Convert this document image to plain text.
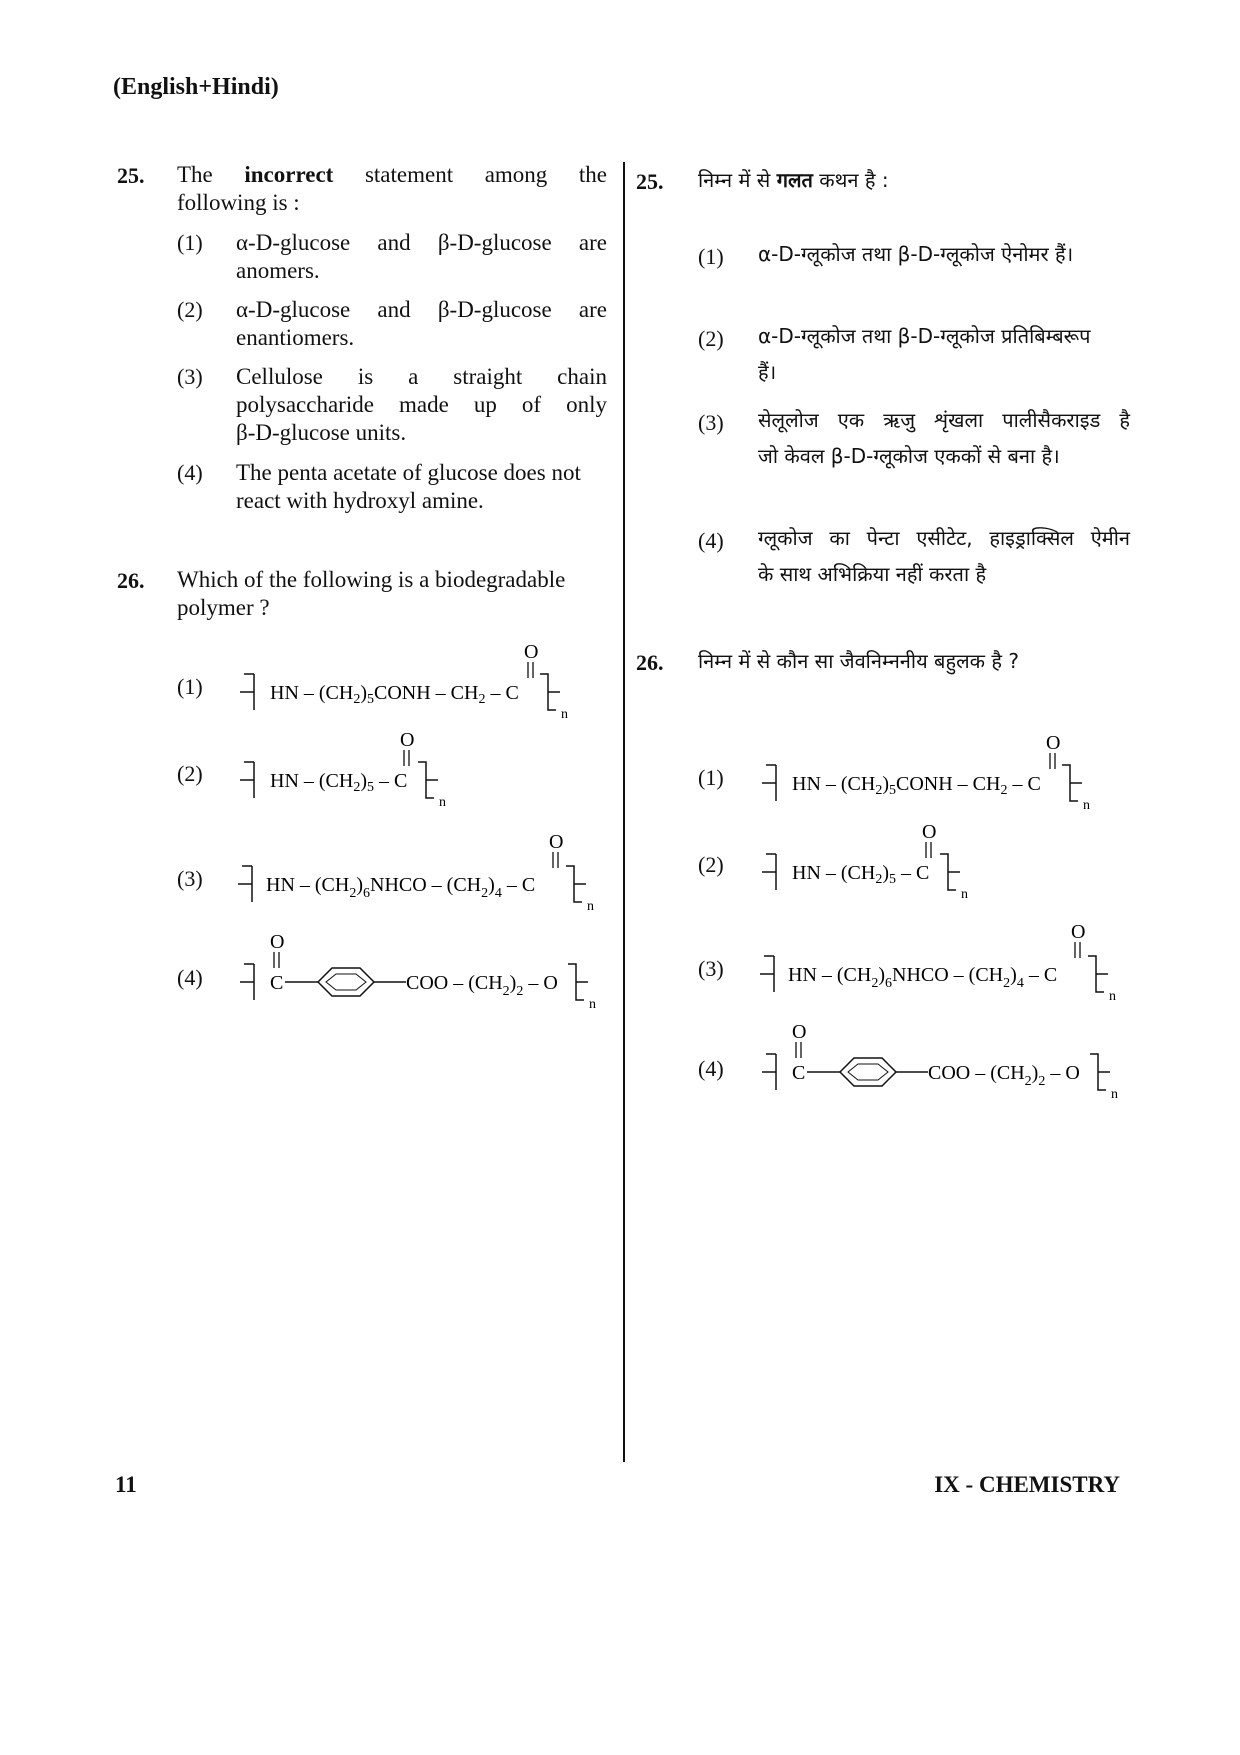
(English+Hindi)
25. The incorrect statement among the
following is :
(1) α-D-glucose and β-D-glucose are
anomers.
(2) α-D-glucose and β-D-glucose are
enantiomers.
(3) Cellulose is a straight chain
polysaccharide made up of only
β-D-glucose units.
(4) The penta acetate of glucose does not
react with hydroxyl amine.
26. Which of the following is a biodegradable
polymer ?
(1)
(2)
(3)
(4)
HN – $(CH_2)_5CONH - CH_2$ – C
O
n
HN – $(CH_2)_5$ – C
O
n
HN – $(CH_2)_6NHCO - (CH_2)_4$ – C
O
n
O
C	COO – $(CH_2)_2$ – O
n
25. निम्न में से गलत कथन है :
(1) α-D-ग्लूकोज तथा β-D-ग्लूकोज ऐनोमर हैं।
(2) α-D-ग्लूकोज तथा β-D-ग्लूकोज प्रतिबिम्बरूप
हैं।
(3) सेलूलोज एक ऋजु शृंखला पालीसैकराइड है
जो केवल β-D-ग्लूकोज एककों से बना है।
(4) ग्लूकोज का पेन्टा एसीटेट, हाइड्राक्सिल ऐमीन
के साथ अभिक्रिया नहीं करता है
26. निम्न में से कौन सा जैवनिम्ननीय बहुलक है ?
(1)
(2)
(3)
(4)
HN – $(CH_2)_5CONH - CH_2$ – C
O
n
HN – $(CH_2)_5$ – C
O
n
HN – $(CH_2)_6NHCO - (CH_2)_4$ – C
O
n
O
C	COO – $(CH_2)_2$ – O
n
11	IX - CHEMISTRY
